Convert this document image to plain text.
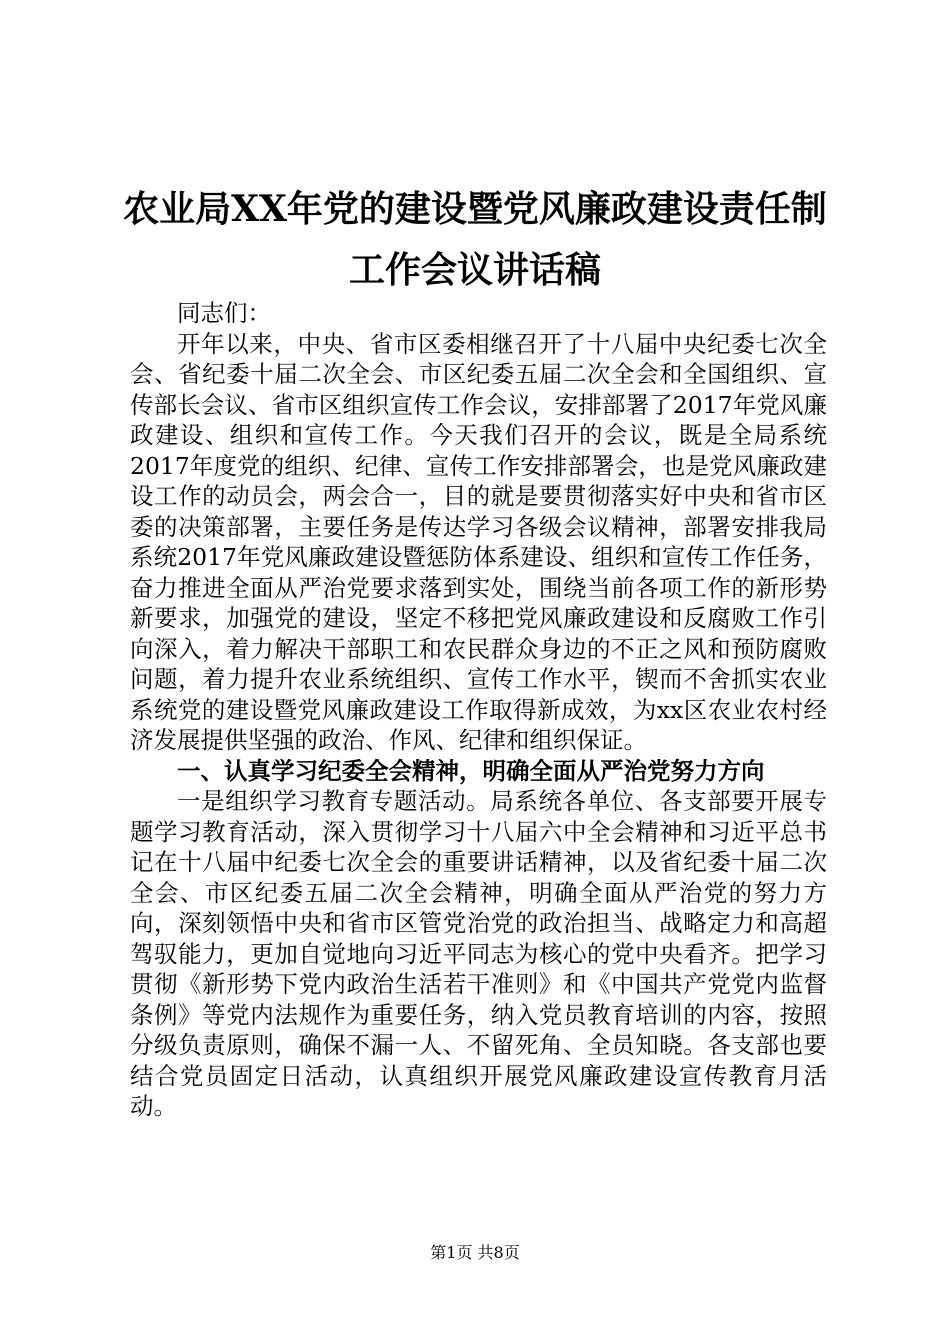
农业局XX年党的建设暨党风廉政建设责任制
工作会议讲话稿

同志们：

开年以来，中央、省市区委相继召开了十八届中央纪委七次全会、省纪委十届二次全会、市区纪委五届二次全会和全国组织、宣传部长会议、省市区组织宣传工作会议，安排部署了2017年党风廉政建设、组织和宣传工作。今天我们召开的会议，既是全局系统2017年度党的组织、纪律、宣传工作安排部署会，也是党风廉政建设工作的动员会，两会合一，目的就是要贯彻落实好中央和省市区委的决策部署，主要任务是传达学习各级会议精神，部署安排我局系统2017年党风廉政建设暨惩防体系建设、组织和宣传工作任务，奋力推进全面从严治党要求落到实处，围绕当前各项工作的新形势新要求，加强党的建设，坚定不移把党风廉政建设和反腐败工作引向深入，着力解决干部职工和农民群众身边的不正之风和预防腐败问题，着力提升农业系统组织、宣传工作水平，锲而不舍抓实农业系统党的建设暨党风廉政建设工作取得新成效，为xx区农业农村经济发展提供坚强的政治、作风、纪律和组织保证。

一、认真学习纪委全会精神，明确全面从严治党努力方向

一是组织学习教育专题活动。局系统各单位、各支部要开展专题学习教育活动，深入贯彻学习十八届六中全会精神和习近平总书记在十八届中纪委七次全会的重要讲话精神，以及省纪委十届二次全会、市区纪委五届二次全会精神，明确全面从严治党的努力方向，深刻领悟中央和省市区管党治党的政治担当、战略定力和高超驾驭能力，更加自觉地向习近平同志为核心的党中央看齐。把学习贯彻《新形势下党内政治生活若干准则》和《中国共产党党内监督条例》等党内法规作为重要任务，纳入党员教育培训的内容，按照分级负责原则，确保不漏一人、不留死角、全员知晓。各支部也要结合党员固定日活动，认真组织开展党风廉政建设宣传教育月活动。

第1页 共8页
